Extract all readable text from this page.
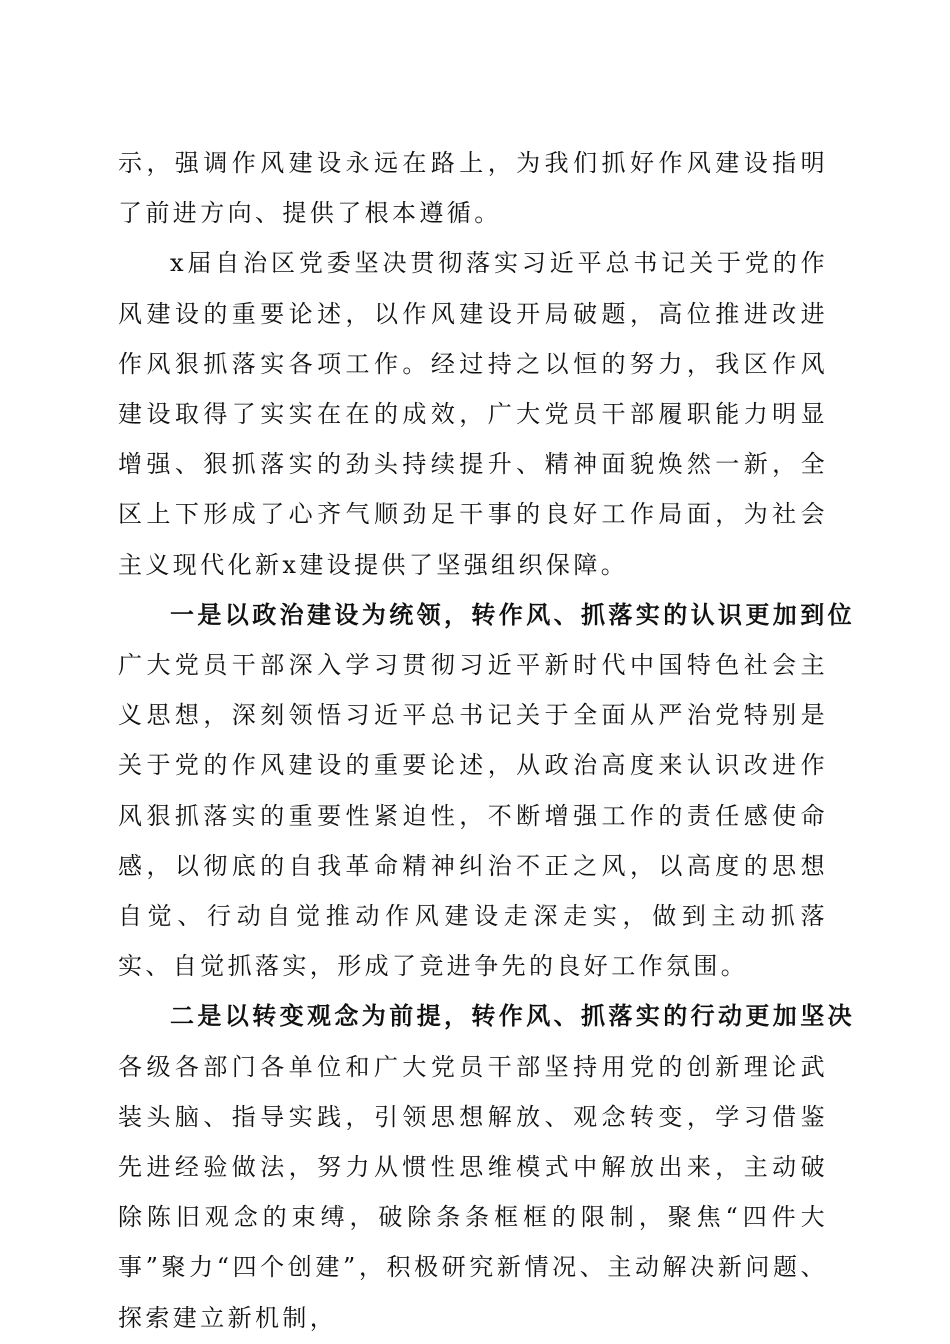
示，强调作风建设永远在路上，为我们抓好作风建设指明了前进方向、提供了根本遵循。

x届自治区党委坚决贯彻落实习近平总书记关于党的作风建设的重要论述，以作风建设开局破题，高位推进改进作风狠抓落实各项工作。经过持之以恒的努力，我区作风建设取得了实实在在的成效，广大党员干部履职能力明显增强、狠抓落实的劲头持续提升、精神面貌焕然一新，全区上下形成了心齐气顺劲足干事的良好工作局面，为社会主义现代化新x建设提供了坚强组织保障。

一是以政治建设为统领，转作风、抓落实的认识更加到位
广大党员干部深入学习贯彻习近平新时代中国特色社会主义思想，深刻领悟习近平总书记关于全面从严治党特别是关于党的作风建设的重要论述，从政治高度来认识改进作风狠抓落实的重要性紧迫性，不断增强工作的责任感使命感，以彻底的自我革命精神纠治不正之风，以高度的思想自觉、行动自觉推动作风建设走深走实，做到主动抓落实、自觉抓落实，形成了竞进争先的良好工作氛围。
二是以转变观念为前提，转作风、抓落实的行动更加坚决
各级各部门各单位和广大党员干部坚持用党的创新理论武装头脑、指导实践，引领思想解放、观念转变，学习借鉴先进经验做法，努力从惯性思维模式中解放出来，主动破除陈旧观念的束缚，破除条条框框的限制，聚焦“四件大事”聚力“四个创建”，积极研究新情况、主动解决新问题、探索建立新机制，
